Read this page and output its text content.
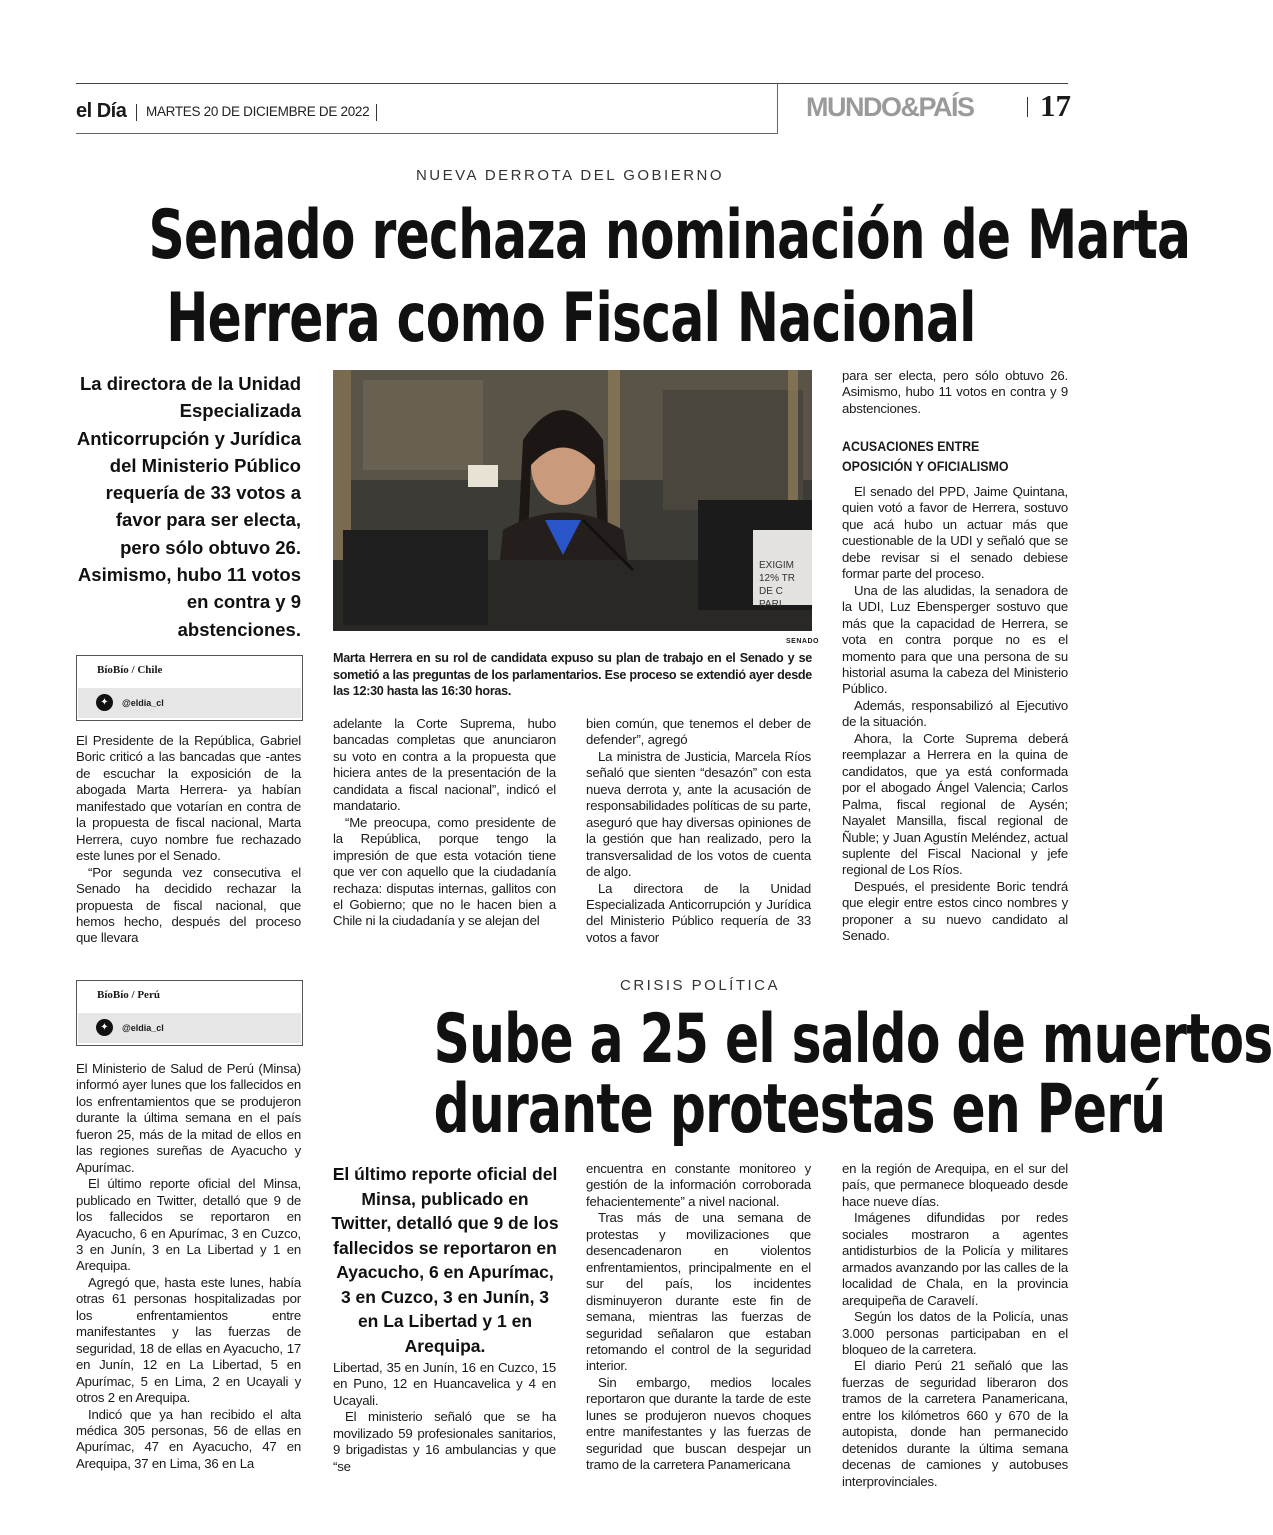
el Día MARTES 20 DE DICIEMBRE DE 2022	MUNDO&PAÍS 17
NUEVA DERROTA DEL GOBIERNO
Senado rechaza nominación de Marta
Herrera como Fiscal Nacional
La directora de la Unidad Especializada Anticorrupción y Jurídica del Ministerio Público requería de 33 votos a favor para ser electa, pero sólo obtuvo 26. Asimismo, hubo 11 votos en contra y 9 abstenciones.
BíoBío / Chile
✦	@eldia_cl
EXIGIM
12% TR
DE C
PARI
SENADO
Marta Herrera en su rol de candidata expuso su plan de trabajo en el Senado y se sometió a las preguntas de los parlamentarios. Ese proceso se extendió ayer desde las 12:30 hasta las 16:30 horas.

El Presidente de la República, Gabriel Boric criticó a las bancadas que -antes de escuchar la exposición de la abogada Marta Herrera- ya habían manifestado que votarían en contra de la propuesta de fiscal nacional, Marta Herrera, cuyo nombre fue rechazado este lunes por el Senado.

“Por segunda vez consecutiva el Senado ha decidido rechazar la propuesta de fiscal nacional, que hemos hecho, después del proceso que llevara

adelante la Corte Suprema, hubo bancadas completas que anunciaron su voto en contra a la propuesta que hiciera antes de la presentación de la candidata a fiscal nacional”, indicó el mandatario.

“Me preocupa, como presidente de la República, porque tengo la impresión de que esta votación tiene que ver con aquello que la ciudadanía rechaza: disputas internas, gallitos con el Gobierno; que no le hacen bien a Chile ni la ciudadanía y se alejan del

bien común, que tenemos el deber de defender”, agregó

La ministra de Justicia, Marcela Ríos señaló que sienten “desazón” con esta nueva derrota y, ante la acusación de responsabilidades políticas de su parte, aseguró que hay diversas opiniones de la gestión que han realizado, pero la transversalidad de los votos de cuenta de algo.

La directora de la Unidad Especializada Anticorrupción y Jurídica del Ministerio Público requería de 33 votos a favor

para ser electa, pero sólo obtuvo 26. Asimismo, hubo 11 votos en contra y 9 abstenciones.

ACUSACIONES ENTRE
OPOSICIÓN Y OFICIALISMO

El senado del PPD, Jaime Quintana, quien votó a favor de Herrera, sostuvo que acá hubo un actuar más que cuestionable de la UDI y señaló que se debe revisar si el senado debiese formar parte del proceso.

Una de las aludidas, la senadora de la UDI, Luz Ebensperger sostuvo que más que la capacidad de Herrera, se vota en contra porque no es el momento para que una persona de su historial asuma la cabeza del Ministerio Público.

Además, responsabilizó al Ejecutivo de la situación.

Ahora, la Corte Suprema deberá reemplazar a Herrera en la quina de candidatos, que ya está conformada por el abogado Ángel Valencia; Carlos Palma, fiscal regional de Aysén; Nayalet Mansilla, fiscal regional de Ñuble; y Juan Agustín Meléndez, actual suplente del Fiscal Nacional y jefe regional de Los Ríos.

Después, el presidente Boric tendrá que elegir entre estos cinco nombres y proponer a su nuevo candidato al Senado.

CRISIS POLÍTICA
Sube a 25 el saldo de muertos
durante protestas en Perú
BíoBío / Perú
✦	@eldia_cl
El último reporte oficial del Minsa, publicado en Twitter, detalló que 9 de los fallecidos se reportaron en Ayacucho, 6 en Apurímac, 3 en Cuzco, 3 en Junín, 3 en La Libertad y 1 en Arequipa.

El Ministerio de Salud de Perú (Minsa) informó ayer lunes que los fallecidos en los enfrentamientos que se produjeron durante la última semana en el país fueron 25, más de la mitad de ellos en las regiones sureñas de Ayacucho y Apurímac.

El último reporte oficial del Minsa, publicado en Twitter, detalló que 9 de los fallecidos se reportaron en Ayacucho, 6 en Apurímac, 3 en Cuzco, 3 en Junín, 3 en La Libertad y 1 en Arequipa.

Agregó que, hasta este lunes, había otras 61 personas hospitalizadas por los enfrentamientos entre manifestantes y las fuerzas de seguridad, 18 de ellas en Ayacucho, 17 en Junín, 12 en La Libertad, 5 en Apurímac, 5 en Lima, 2 en Ucayali y otros 2 en Arequipa.

Indicó que ya han recibido el alta médica 305 personas, 56 de ellas en Apurímac, 47 en Ayacucho, 47 en Arequipa, 37 en Lima, 36 en La

Libertad, 35 en Junín, 16 en Cuzco, 15 en Puno, 12 en Huancavelica y 4 en Ucayali.

El ministerio señaló que se ha movilizado 59 profesionales sanitarios, 9 brigadistas y 16 ambulancias y que “se

encuentra en constante monitoreo y gestión de la información corroborada fehacientemente” a nivel nacional.

Tras más de una semana de protestas y movilizaciones que desencadenaron en violentos enfrentamientos, principalmente en el sur del país, los incidentes disminuyeron durante este fin de semana, mientras las fuerzas de seguridad señalaron que estaban retomando el control de la seguridad interior.

Sin embargo, medios locales reportaron que durante la tarde de este lunes se produjeron nuevos choques entre manifestantes y las fuerzas de seguridad que buscan despejar un tramo de la carretera Panamericana

en la región de Arequipa, en el sur del país, que permanece bloqueado desde hace nueve días.

Imágenes difundidas por redes sociales mostraron a agentes antidisturbios de la Policía y militares armados avanzando por las calles de la localidad de Chala, en la provincia arequipeña de Caravelí.

Según los datos de la Policía, unas 3.000 personas participaban en el bloqueo de la carretera.

El diario Perú 21 señaló que las fuerzas de seguridad liberaron dos tramos de la carretera Panamericana, entre los kilómetros 660 y 670 de la autopista, donde han permanecido detenidos durante la última semana decenas de camiones y autobuses interprovinciales.
